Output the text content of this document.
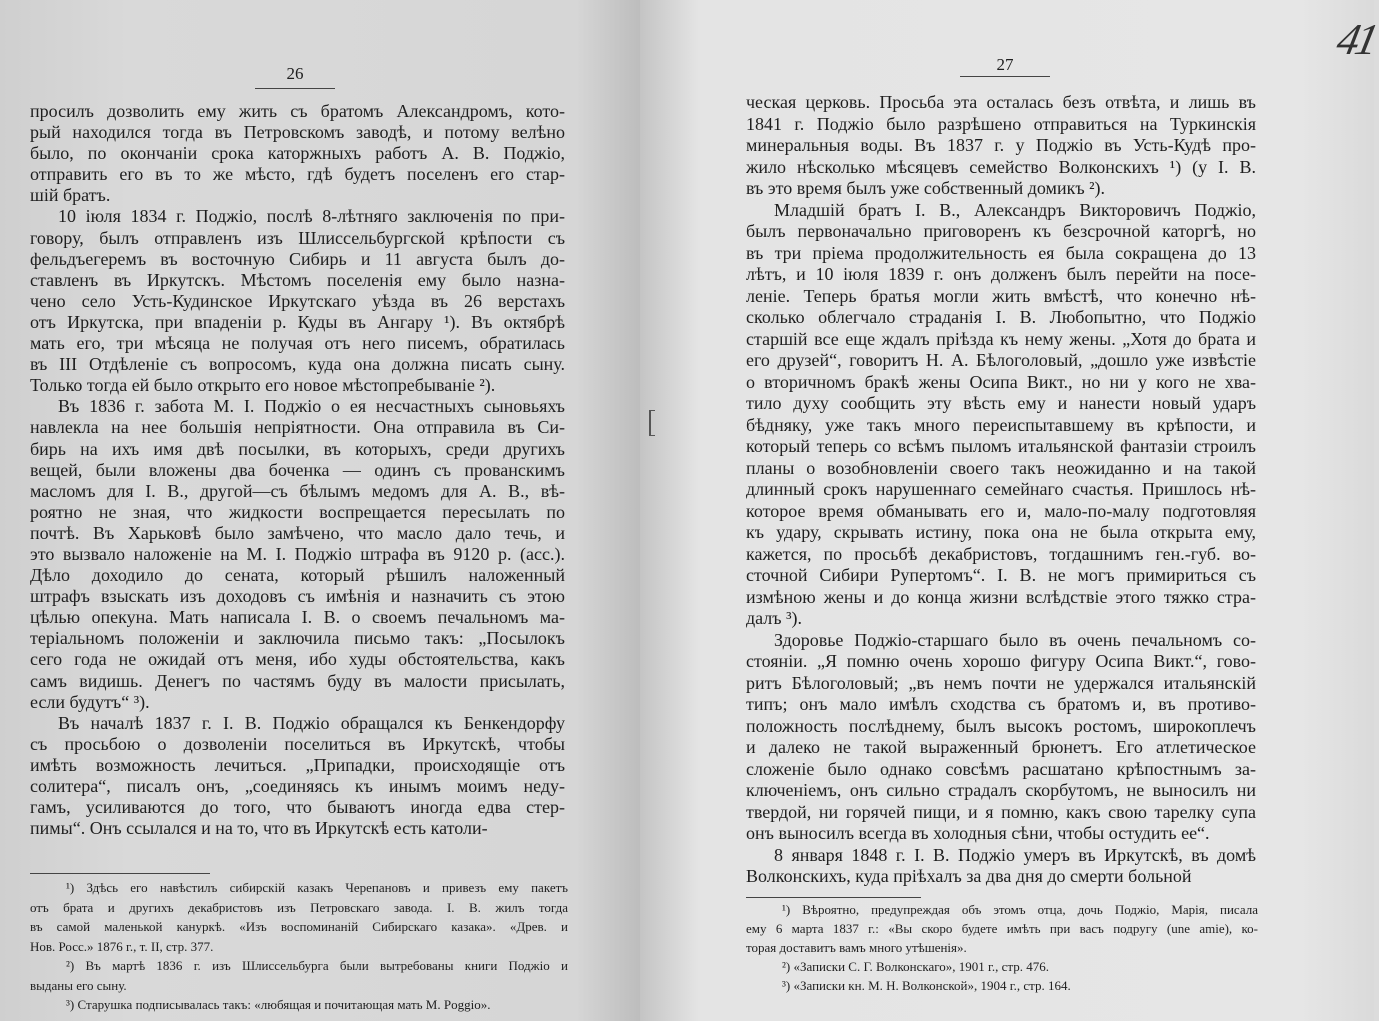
26
просилъ дозволить ему жить съ братомъ Александромъ, кото-
рый находился тогда въ Петровскомъ заводѣ, и потому велѣно
было, по окончаніи срока каторжныхъ работъ А. В. Поджіо,
отправить его въ то же мѣсто, гдѣ будетъ поселенъ его стар-
шій братъ.
10 іюля 1834 г. Поджіо, послѣ 8-лѣтняго заключенія по при-
говору, былъ отправленъ изъ Шлиссельбургской крѣпости съ
фельдъегеремъ въ восточную Сибирь и 11 августа былъ до-
ставленъ въ Иркутскъ. Мѣстомъ поселенія ему было назна-
чено село Усть-Кудинское Иркутскаго уѣзда въ 26 верстахъ
отъ Иркутска, при впаденіи р. Куды въ Ангару ¹). Въ октябрѣ
мать его, три мѣсяца не получая отъ него писемъ, обратилась
въ III Отдѣленіе съ вопросомъ, куда она должна писать сыну.
Только тогда ей было открыто его новое мѣстопребываніе ²).
Въ 1836 г. забота М. I. Поджіо о ея несчастныхъ сыновьяхъ
навлекла на нее большія непріятности. Она отправила въ Си-
бирь на ихъ имя двѣ посылки, въ которыхъ, среди другихъ
вещей, были вложены два боченка — одинъ съ прованскимъ
масломъ для I. В., другой—съ бѣлымъ медомъ для А. В., вѣ-
роятно не зная, что жидкости воспрещается пересылать по
почтѣ. Въ Харьковѣ было замѣчено, что масло дало течь, и
это вызвало наложеніе на М. I. Поджіо штрафа въ 9120 р. (асс.).
Дѣло доходило до сената, который рѣшилъ наложенный
штрафъ взыскать изъ доходовъ съ имѣнія и назначить съ этою
цѣлью опекуна. Мать написала I. В. о своемъ печальномъ ма-
теріальномъ положеніи и заключила письмо такъ: „Посылокъ
сего года не ожидай отъ меня, ибо худы обстоятельства, какъ
самъ видишь. Денегъ по частямъ буду въ малости присылать,
если будутъ“ ³).
Въ началѣ 1837 г. I. В. Поджіо обращался къ Бенкендорфу
съ просьбою о дозволеніи поселиться въ Иркутскѣ, чтобы
имѣть возможность лечиться. „Припадки, происходящіе отъ
солитера“, писалъ онъ, „соединяясь къ инымъ моимъ неду-
гамъ, усиливаются до того, что бываютъ иногда едва стер-
пимы“. Онъ ссылался и на то, что въ Иркутскѣ есть католи-
¹) Здѣсь его навѣстилъ сибирскій казакъ Черепановъ и привезъ ему пакетъ
отъ брата и другихъ декабристовъ изъ Петровскаго завода. I. В. жилъ тогда
въ самой маленькой кануркѣ. «Изъ воспоминаній Сибирскаго казака». «Древ. и
Нов. Росс.» 1876 г., т. II, стр. 377.
²) Въ мартѣ 1836 г. изъ Шлиссельбурга были вытребованы книги Поджіо и
выданы его сыну.
³) Старушка подписывалась такъ: «любящая и почитающая мать M. Poggio».
27
ческая церковь. Просьба эта осталась безъ отвѣта, и лишь въ
1841 г. Поджіо было разрѣшено отправиться на Туркинскія
минеральныя воды. Въ 1837 г. у Поджіо въ Усть-Кудѣ про-
жило нѣсколько мѣсяцевъ семейство Волконскихъ ¹) (у I. В.
въ это время былъ уже собственный домикъ ²).
Младшій братъ I. В., Александръ Викторовичъ Поджіо,
былъ первоначально приговоренъ къ безсрочной каторгѣ, но
въ три пріема продолжительность ея была сокращена до 13
лѣтъ, и 10 іюля 1839 г. онъ долженъ былъ перейти на посе-
леніе. Теперь братья могли жить вмѣстѣ, что конечно нѣ-
сколько облегчало страданія I. В. Любопытно, что Поджіо
старшій все еще ждалъ пріѣзда къ нему жены. „Хотя до брата и
его друзей“, говоритъ Н. А. Бѣлоголовый, „дошло уже извѣстіе
о вторичномъ бракѣ жены Осипа Викт., но ни у кого не хва-
тило духу сообщить эту вѣсть ему и нанести новый ударъ
бѣдняку, уже такъ много переиспытавшему въ крѣпости, и
который теперь со всѣмъ пыломъ итальянской фантазіи строилъ
планы о возобновленіи своего такъ неожиданно и на такой
длинный срокъ нарушеннаго семейнаго счастья. Пришлось нѣ-
которое время обманывать его и, мало-по-малу подготовляя
къ удару, скрывать истину, пока она не была открыта ему,
кажется, по просьбѣ декабристовъ, тогдашнимъ ген.-губ. во-
сточной Сибири Рупертомъ“. I. В. не могъ примириться съ
измѣною жены и до конца жизни вслѣдствіе этого тяжко стра-
далъ ³).
Здоровье Поджіо-старшаго было въ очень печальномъ со-
стояніи. „Я помню очень хорошо фигуру Осипа Викт.“, гово-
ритъ Бѣлоголовый; „въ немъ почти не удержался итальянскій
типъ; онъ мало имѣлъ сходства съ братомъ и, въ противо-
положность послѣднему, былъ высокъ ростомъ, широкоплечъ
и далеко не такой выраженный брюнетъ. Его атлетическое
сложеніе было однако совсѣмъ расшатано крѣпостнымъ за-
ключеніемъ, онъ сильно страдалъ скорбутомъ, не выносилъ ни
твердой, ни горячей пищи, и я помню, какъ свою тарелку супа
онъ выносилъ всегда въ холодныя сѣни, чтобы остудить ее“.
8 января 1848 г. I. В. Поджіо умеръ въ Иркутскѣ, въ домѣ
Волконскихъ, куда пріѣхалъ за два дня до смерти больной
¹) Вѣроятно, предупреждая объ этомъ отца, дочь Поджіо, Марія, писала
ему 6 марта 1837 г.: «Вы скоро будете имѣть при васъ подругу (une amie), ко-
торая доставитъ вамъ много утѣшенія».
²) «Записки С. Г. Волконскаго», 1901 г., стр. 476.
³) «Записки кн. М. Н. Волконской», 1904 г., стр. 164.
41
